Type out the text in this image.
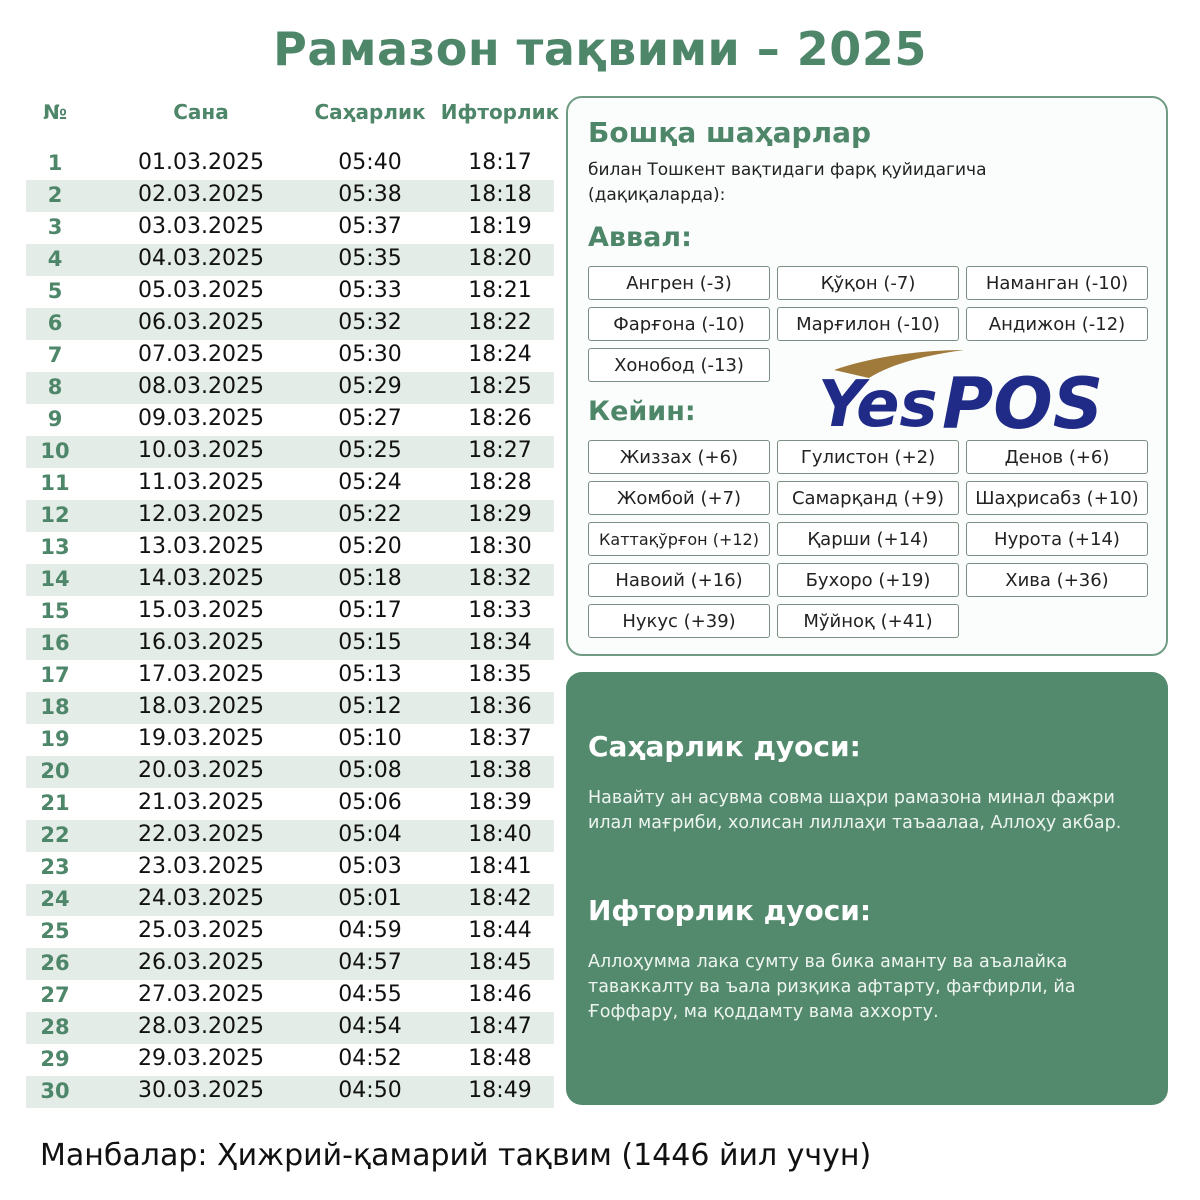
Рамазон тақвими – 2025
№	Сана	Саҳарлик Ифторлик
1	01.03.2025	05:40	18:17
2	02.03.2025	05:38	18:18
3	03.03.2025	05:37	18:19
4	04.03.2025	05:35	18:20
5	05.03.2025	05:33	18:21
6	06.03.2025	05:32	18:22
7	07.03.2025	05:30	18:24
8	08.03.2025	05:29	18:25
9	09.03.2025	05:27	18:26
10	10.03.2025	05:25	18:27
11	11.03.2025	05:24	18:28
12	12.03.2025	05:22	18:29
13	13.03.2025	05:20	18:30
14	14.03.2025	05:18	18:32
15	15.03.2025	05:17	18:33
16	16.03.2025	05:15	18:34
17	17.03.2025	05:13	18:35
18	18.03.2025	05:12	18:36
19	19.03.2025	05:10	18:37
20	20.03.2025	05:08	18:38
21	21.03.2025	05:06	18:39
22	22.03.2025	05:04	18:40
23	23.03.2025	05:03	18:41
24	24.03.2025	05:01	18:42
25	25.03.2025	04:59	18:44
26	26.03.2025	04:57	18:45
27	27.03.2025	04:55	18:46
28	28.03.2025	04:54	18:47
29	29.03.2025	04:52	18:48
30	30.03.2025	04:50	18:49
Бошқа шаҳарлар
билан Тошкент вақтидаги фарқ қуйидагича (дақиқаларда):
Аввал:
Ангрен (-3)	Қўқон (-7)	Наманган (-10)
Фарғона (-10)	Марғилон (-10)	Андижон (-12)
Хонобод (-13)
Кейин:
Жиззах (+6)	Гулистон (+2)	Денов (+6)
Жомбой (+7)	Самарқанд (+9)	Шаҳрисабз (+10)
Каттақўрғон (+12)	Қарши (+14)	Нурота (+14)
Навоий (+16)	Бухоро (+19)	Хива (+36)
Нукус (+39)	Мўйноқ (+41)
Yes POS
Саҳарлик дуоси:

Навайту ан асувма совма шаҳри рамазона минал фажри илал мағриби, холисан лиллаҳи таъаалаа, Аллоҳу акбар.

Ифторлик дуоси:

Аллоҳумма лака сумту ва бика аманту ва аъалайка таваккалту ва ъала ризқика афтарту, фағфирли, йа Ғоффару, ма қоддамту вама аххорту.

Манбалар: Ҳижрий-қамарий тақвим (1446 йил учун)
